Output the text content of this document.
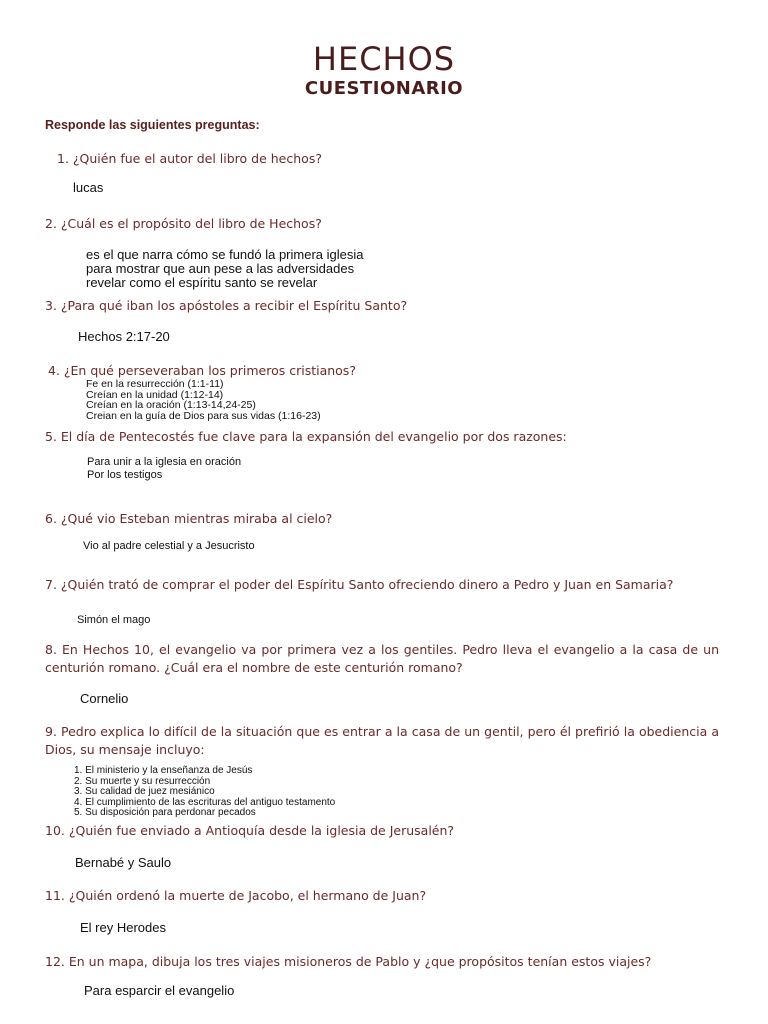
HECHOS
CUESTIONARIO
Responde las siguientes preguntas:
1. ¿Quién fue el autor del libro de hechos?
lucas
2. ¿Cuál es el propósito del libro de Hechos?
es el que narra cómo se fundó la primera iglesia
para mostrar que aun pese a las adversidades
revelar como el espíritu santo se revelar
3. ¿Para qué iban los apóstoles a recibir el Espíritu Santo?
Hechos 2:17-20
4. ¿En qué perseveraban los primeros cristianos?
Fe en la resurrección (1:1-11)
Creían en la unidad (1:12-14)
Creían en la oración (1:13-14,24-25)
Creian en la guía de Dios para sus vidas (1:16-23)
5. El día de Pentecostés fue clave para la expansión del evangelio por dos razones:
Para unir a la iglesia en oración
Por los testigos
6. ¿Qué vio Esteban mientras miraba al cielo?
Vio al padre celestial y a Jesucristo
7. ¿Quién trató de comprar el poder del Espíritu Santo ofreciendo dinero a Pedro y Juan en Samaria?
Simón el mago
8. En Hechos 10, el evangelio va por primera vez a los gentiles. Pedro lleva el evangelio a la casa de un centurión romano. ¿Cuál era el nombre de este centurión romano?
Cornelio
9. Pedro explica lo difícil de la situación que es entrar a la casa de un gentil, pero él prefirió la obediencia a Dios, su mensaje incluyo:
1. El ministerio y la enseñanza de Jesús
2. Su muerte y su resurrección
3. Su calidad de juez mesiánico
4. El cumplimiento de las escrituras del antiguo testamento
5. Su disposición para perdonar pecados
10. ¿Quién fue enviado a Antioquía desde la iglesia de Jerusalén?
Bernabé y Saulo
11. ¿Quién ordenó la muerte de Jacobo, el hermano de Juan?
El rey Herodes
12. En un mapa, dibuja los tres viajes misioneros de Pablo y ¿que propósitos tenían estos viajes?
Para esparcir el evangelio
